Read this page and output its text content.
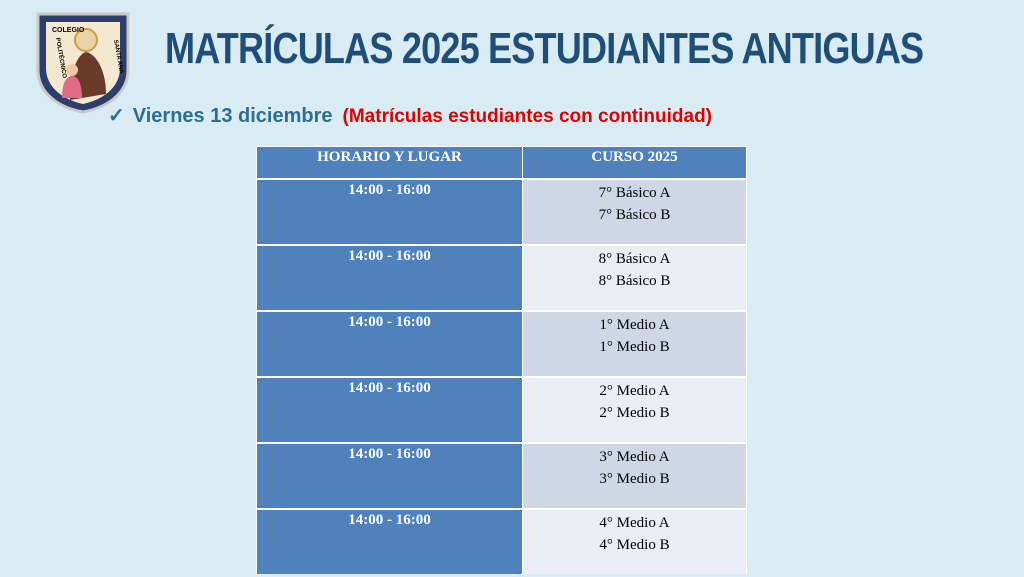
COLEGIO
POLITÉCNICO	SANTA ANA MATRÍCULAS 2025 ESTUDIANTES ANTIGUAS
✓ Viernes 13 diciembre (Matrículas estudiantes con continuidad)
HORARIO Y LUGAR	CURSO 2025
14:00 - 16:00	7° Básico A
7° Básico B

14:00 - 16:00	8° Básico A
8° Básico B

14:00 - 16:00	1° Medio A
1° Medio B

14:00 - 16:00	2° Medio A
2° Medio B

14:00 - 16:00	3° Medio A
3° Medio B

14:00 - 16:00	4° Medio A
4° Medio B
